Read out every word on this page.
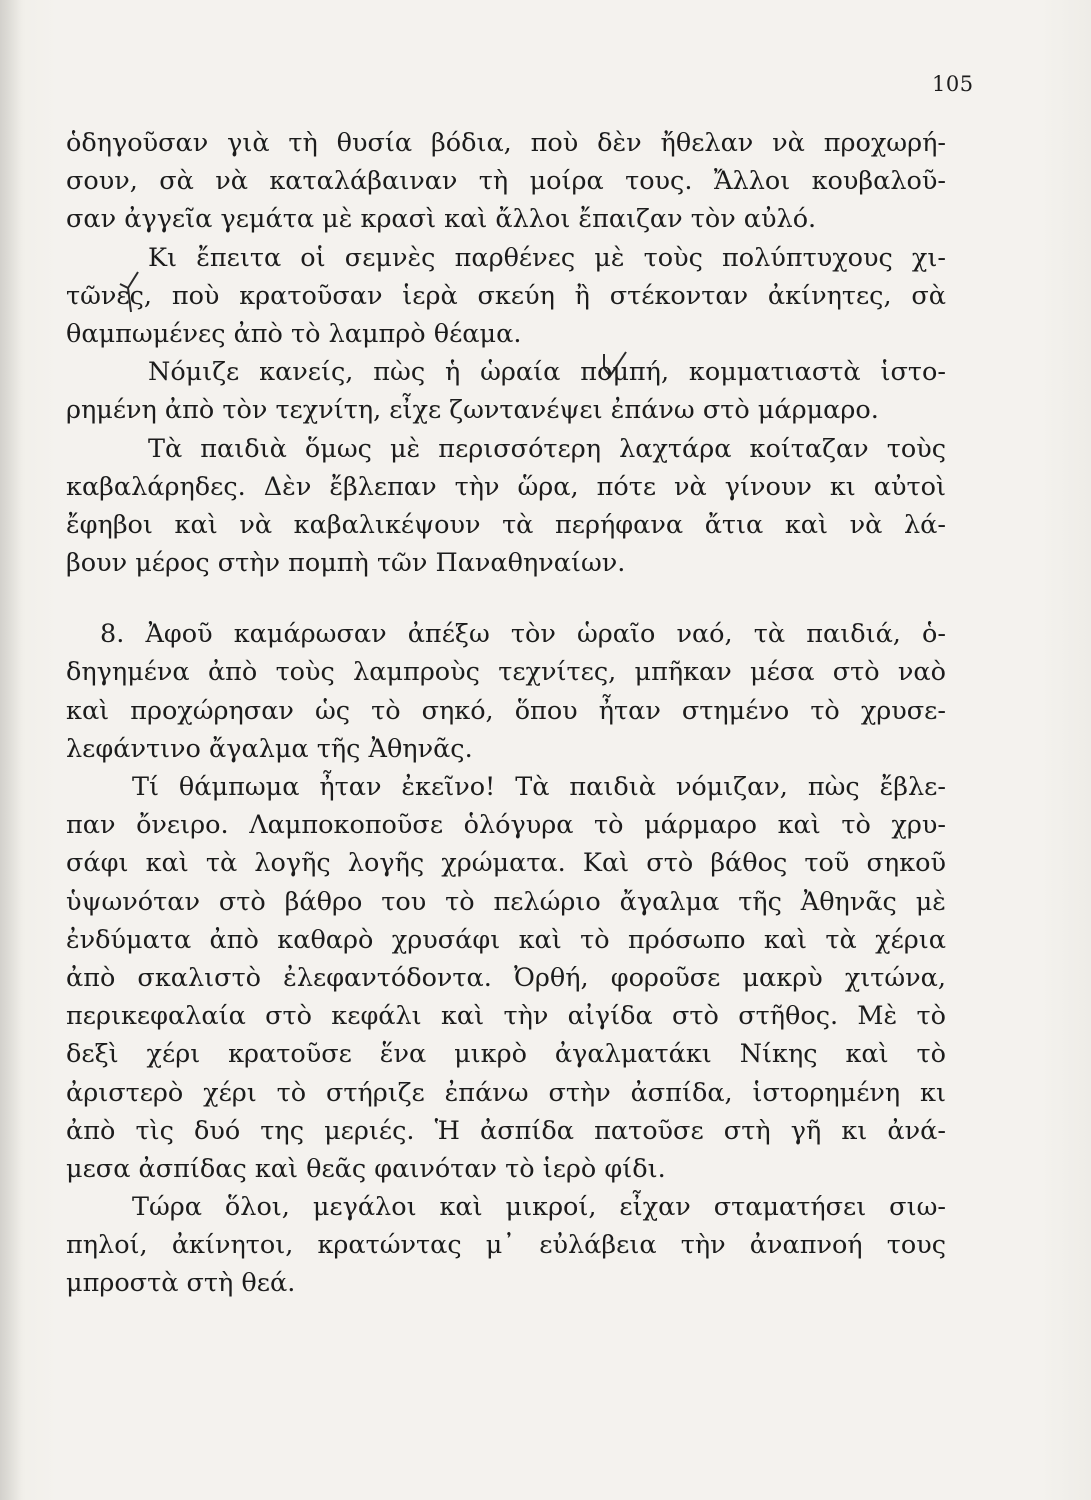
105
ὁδηγοῦσαν γιὰ τὴ θυσία βόδια, ποὺ δὲν ἤθελαν νὰ προχωρή-
σουν, σὰ νὰ καταλάβαιναν τὴ μοίρα τους. Ἄλλοι κουβαλοῦ-
σαν ἀγγεῖα γεμάτα μὲ κρασὶ καὶ ἄλλοι ἔπαιζαν τὸν αὐλό.
Κι ἔπειτα οἱ σεμνὲς παρθένες μὲ τοὺς πολύπτυχους χι-
τῶνες, ποὺ κρατοῦσαν ἱερὰ σκεύη ἢ στέκονταν ἀκίνητες, σὰ
θαμπωμένες ἀπὸ τὸ λαμπρὸ θέαμα.
Νόμιζε κανείς, πὼς ἡ ὡραία πομπή, κομματιαστὰ ἱστο-
ρημένη ἀπὸ τὸν τεχνίτη, εἶχε ζωντανέψει ἐπάνω στὸ μάρμαρο.
Τὰ παιδιὰ ὅμως μὲ περισσότερη λαχτάρα κοίταζαν τοὺς
καβαλάρηδες. Δὲν ἔβλεπαν τὴν ὥρα, πότε νὰ γίνουν κι αὐτοὶ
ἔφηβοι καὶ νὰ καβαλικέψουν τὰ περήφανα ἄτια καὶ νὰ λά-
βουν μέρος στὴν πομπὴ τῶν Παναθηναίων.
8. Ἀφοῦ καμάρωσαν ἀπέξω τὸν ὡραῖο ναό, τὰ παιδιά, ὁ-
δηγημένα ἀπὸ τοὺς λαμπροὺς τεχνίτες, μπῆκαν μέσα στὸ ναὸ
καὶ προχώρησαν ὡς τὸ σηκό, ὅπου ἦταν στημένο τὸ χρυσε-
λεφάντινο ἄγαλμα τῆς Ἀθηνᾶς.
Τί θάμπωμα ἦταν ἐκεῖνο! Τὰ παιδιὰ νόμιζαν, πὼς ἔβλε-
παν ὄνειρο. Λαμποκοποῦσε ὁλόγυρα τὸ μάρμαρο καὶ τὸ χρυ-
σάφι καὶ τὰ λογῆς λογῆς χρώματα. Καὶ στὸ βάθος τοῦ σηκοῦ
ὑψωνόταν στὸ βάθρο του τὸ πελώριο ἄγαλμα τῆς Ἀθηνᾶς μὲ
ἐνδύματα ἀπὸ καθαρὸ χρυσάφι καὶ τὸ πρόσωπο καὶ τὰ χέρια
ἀπὸ σκαλιστὸ ἐλεφαντόδοντα. Ὀρθή, φοροῦσε μακρὺ χιτώνα,
περικεφαλαία στὸ κεφάλι καὶ τὴν αἰγίδα στὸ στῆθος. Μὲ τὸ
δεξὶ χέρι κρατοῦσε ἕνα μικρὸ ἀγαλματάκι Νίκης καὶ τὸ
ἀριστερὸ χέρι τὸ στήριζε ἐπάνω στὴν ἀσπίδα, ἱστορημένη κι
ἀπὸ τὶς δυό της μεριές. Ἡ ἀσπίδα πατοῦσε στὴ γῆ κι ἀνά-
μεσα ἀσπίδας καὶ θεᾶς φαινόταν τὸ ἱερὸ φίδι.
Τώρα ὅλοι, μεγάλοι καὶ μικροί, εἶχαν σταματήσει σιω-
πηλοί, ἀκίνητοι, κρατώντας μ᾿ εὐλάβεια τὴν ἀναπνοή τους
μπροστὰ στὴ θεά.
